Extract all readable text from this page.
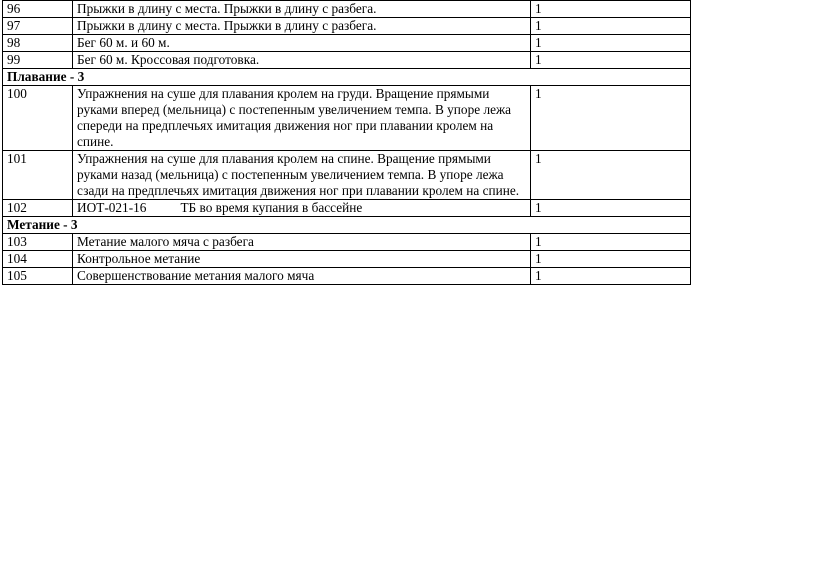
96	Прыжки в длину с места. Прыжки в длину с разбега.	1
97	Прыжки в длину с места. Прыжки в длину с разбега.	1
98	Бег 60 м. и 60 м.	1
99	Бег 60 м. Кроссовая подготовка.	1
Плавание - 3		
100	Упражнения на суше для плавания кролем на груди. Вращение прямыми руками вперед (мельница) с постепенным увеличением темпа. В упоре лежа спереди на предплечьях имитация движения ног при плавании кролем на спине.	1
101	Упражнения на суше для плавания кролем на спине. Вращение прямыми руками назад (мельница) с постепенным увеличением темпа. В упоре лежа сзади на предплечьях имитация движения ног при плавании кролем на спине.	1
102	ИОТ-021-16 ТБ во время купания в бассейне	1
Метание - 3		
103	Метание малого мяча с разбега	1
104	Контрольное метание	1
105	Совершенствование метания малого мяча	1
